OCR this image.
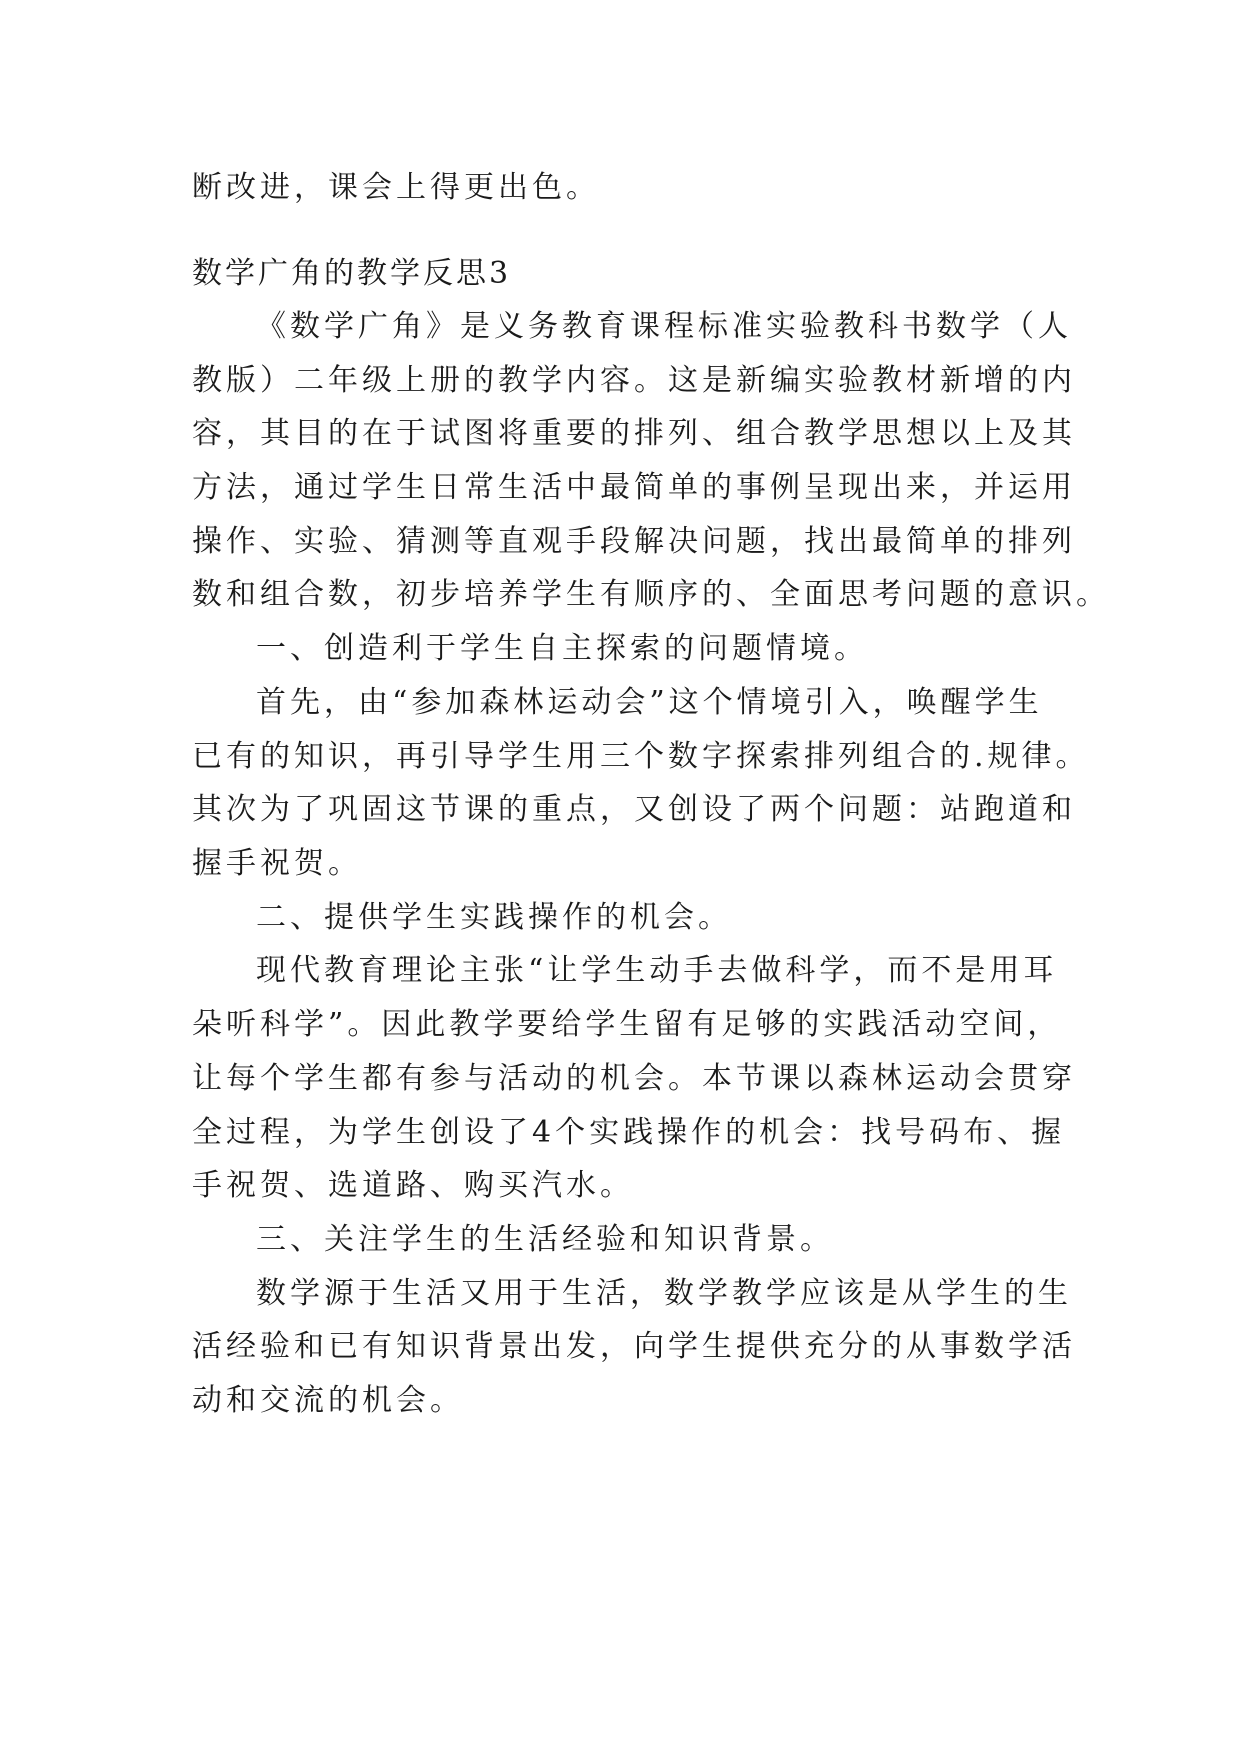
断改进，课会上得更出色。
数学广角的教学反思3
《数学广角》是义务教育课程标准实验教科书数学（人
教版）二年级上册的教学内容。这是新编实验教材新增的内
容，其目的在于试图将重要的排列、组合教学思想以上及其
方法，通过学生日常生活中最简单的事例呈现出来，并运用
操作、实验、猜测等直观手段解决问题，找出最简单的排列
数和组合数，初步培养学生有顺序的、全面思考问题的意识。
一、创造利于学生自主探索的问题情境。
首先，由“参加森林运动会”这个情境引入，唤醒学生
已有的知识，再引导学生用三个数字探索排列组合的.规律。
其次为了巩固这节课的重点，又创设了两个问题：站跑道和
握手祝贺。
二、提供学生实践操作的机会。
现代教育理论主张“让学生动手去做科学，而不是用耳
朵听科学”。因此教学要给学生留有足够的实践活动空间，
让每个学生都有参与活动的机会。本节课以森林运动会贯穿
全过程，为学生创设了4个实践操作的机会：找号码布、握
手祝贺、选道路、购买汽水。
三、关注学生的生活经验和知识背景。
数学源于生活又用于生活，数学教学应该是从学生的生
活经验和已有知识背景出发，向学生提供充分的从事数学活
动和交流的机会。
